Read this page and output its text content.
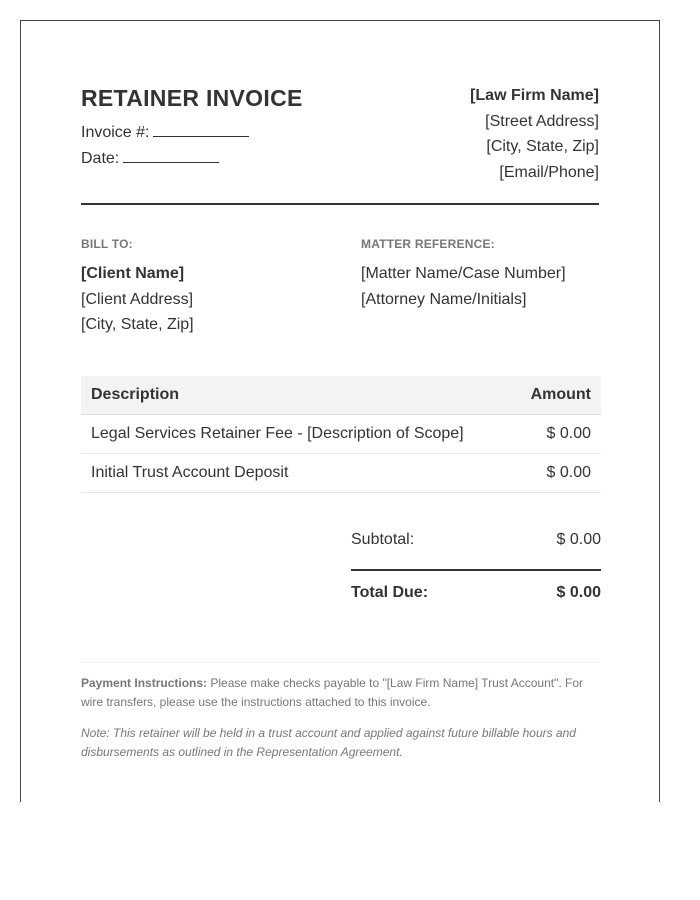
RETAINER INVOICE
Invoice #:
Date:
[Law Firm Name]
[Street Address]
[City, State, Zip]
[Email/Phone]
BILL TO:
[Client Name]
[Client Address]
[City, State, Zip]
MATTER REFERENCE:
[Matter Name/Case Number]
[Attorney Name/Initials]
Description	Amount
Legal Services Retainer Fee - [Description of Scope]	$ 0.00
Initial Trust Account Deposit	$ 0.00
Subtotal:	$ 0.00
Total Due:	$ 0.00
Payment Instructions: Please make checks payable to "[Law Firm Name] Trust Account". For wire transfers, please use the instructions attached to this invoice.
Note: This retainer will be held in a trust account and applied against future billable hours and disbursements as outlined in the Representation Agreement.
